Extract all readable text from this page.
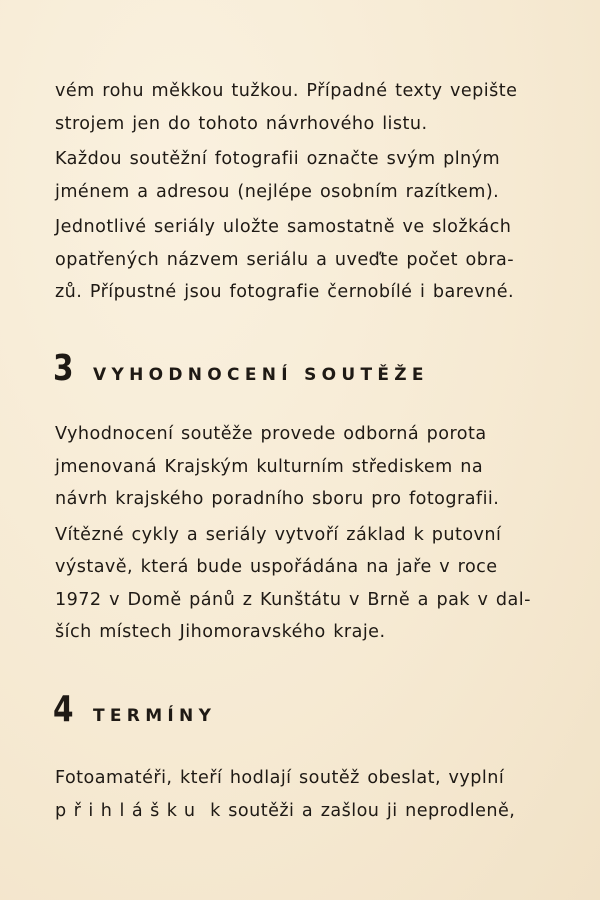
vém rohu měkkou tužkou. Případné texty vepište
strojem jen do tohoto návrhového listu.
Každou soutěžní fotografii označte svým plným
jménem a adresou (nejlépe osobním razítkem).
Jednotlivé seriály uložte samostatně ve složkách
opatřených názvem seriálu a uveďte počet obra-
zů. Přípustné jsou fotografie černobílé i barevné.

3 VYHODNOCENÍ SOUTĚŽE

Vyhodnocení soutěže provede odborná porota
jmenovaná Krajským kulturním střediskem na
návrh krajského poradního sboru pro fotografii.
Vítězné cykly a seriály vytvoří základ k putovní
výstavě, která bude uspořádána na jaře v roce
1972 v Domě pánů z Kunštátu v Brně a pak v dal-
ších místech Jihomoravského kraje.

4 TERMÍNY

Fotoamatéři, kteří hodlají soutěž obeslat, vyplní
přihlášku k soutěži a zašlou ji neprodleně,
